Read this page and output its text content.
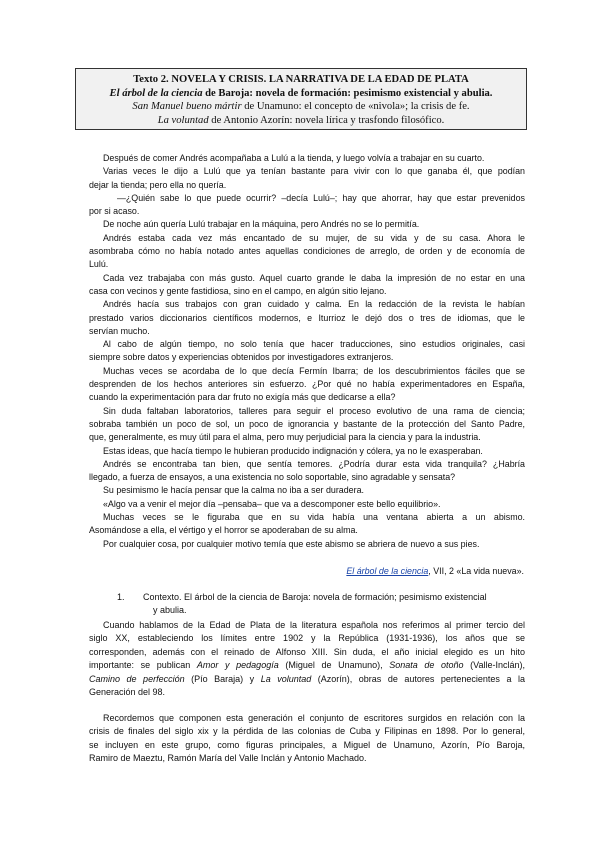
Texto 2. NOVELA Y CRISIS. LA NARRATIVA DE LA EDAD DE PLATA
El árbol de la ciencia de Baroja: novela de formación: pesimismo existencial y abulia.
San Manuel bueno mártir de Unamuno: el concepto de «nivola»; la crisis de fe.
La voluntad de Antonio Azorín: novela lírica y trasfondo filosófico.
Después de comer Andrés acompañaba a Lulú a la tienda, y luego volvía a trabajar en su cuarto.
Varias veces le dijo a Lulú que ya tenían bastante para vivir con lo que ganaba él, que podían
dejar la tienda; pero ella no quería.
—¿Quién sabe lo que puede ocurrir? –decía Lulú–; hay que ahorrar, hay que estar prevenidos
por si acaso.
De noche aún quería Lulú trabajar en la máquina, pero Andrés no se lo permitía.
Andrés estaba cada vez más encantado de su mujer, de su vida y de su casa. Ahora le
asombraba cómo no había notado antes aquellas condiciones de arreglo, de orden y de economía de
Lulú.
Cada vez trabajaba con más gusto. Aquel cuarto grande le daba la impresión de no estar en una
casa con vecinos y gente fastidiosa, sino en el campo, en algún sitio lejano.
Andrés hacía sus trabajos con gran cuidado y calma. En la redacción de la revista le habían
prestado varios diccionarios científicos modernos, e Iturrioz le dejó dos o tres de idiomas, que le
servían mucho.
Al cabo de algún tiempo, no solo tenía que hacer traducciones, sino estudios originales, casi
siempre sobre datos y experiencias obtenidos por investigadores extranjeros.
Muchas veces se acordaba de lo que decía Fermín Ibarra; de los descubrimientos fáciles que se
desprenden de los hechos anteriores sin esfuerzo. ¿Por qué no había experimentadores en España,
cuando la experimentación para dar fruto no exigía más que dedicarse a ella?
Sin duda faltaban laboratorios, talleres para seguir el proceso evolutivo de una rama de ciencia;
sobraba también un poco de sol, un poco de ignorancia y bastante de la protección del Santo Padre,
que, generalmente, es muy útil para el alma, pero muy perjudicial para la ciencia y para la industria.
Estas ideas, que hacía tiempo le hubieran producido indignación y cólera, ya no le exasperaban.
Andrés se encontraba tan bien, que sentía temores. ¿Podría durar esta vida tranquila? ¿Habría
llegado, a fuerza de ensayos, a una existencia no solo soportable, sino agradable y sensata?
Su pesimismo le hacía pensar que la calma no iba a ser duradera.
«Algo va a venir el mejor día –pensaba– que va a descomponer este bello equilibrio».
Muchas veces se le figuraba que en su vida había una ventana abierta a un abismo.
Asomándose a ella, el vértigo y el horror se apoderaban de su alma.
Por cualquier cosa, por cualquier motivo temía que este abismo se abriera de nuevo a sus pies.
El árbol de la ciencia, VII, 2 «La vida nueva».
1. Contexto. El árbol de la ciencia de Baroja: novela de formación; pesimismo existencial
y abulia.
Cuando hablamos de la Edad de Plata de la literatura española nos referimos al primer tercio del
siglo XX, estableciendo los límites entre 1902 y la República (1931-1936), los años que se
corresponden, además con el reinado de Alfonso XIII. Sin duda, el año inicial elegido es un hito
importante: se publican Amor y pedagogía (Miguel de Unamuno), Sonata de otoño (Valle-Inclán),
Camino de perfección (Pío Baraja) y La voluntad (Azorín), obras de autores pertenecientes a la
Generación del 98.
Recordemos que componen esta generación el conjunto de escritores surgidos en relación con la
crisis de finales del siglo xix y la pérdida de las colonias de Cuba y Filipinas en 1898. Por lo general,
se incluyen en este grupo, como figuras principales, a Miguel de Unamuno, Azorín, Pío Baroja,
Ramiro de Maeztu, Ramón María del Valle Inclán y Antonio Machado.
